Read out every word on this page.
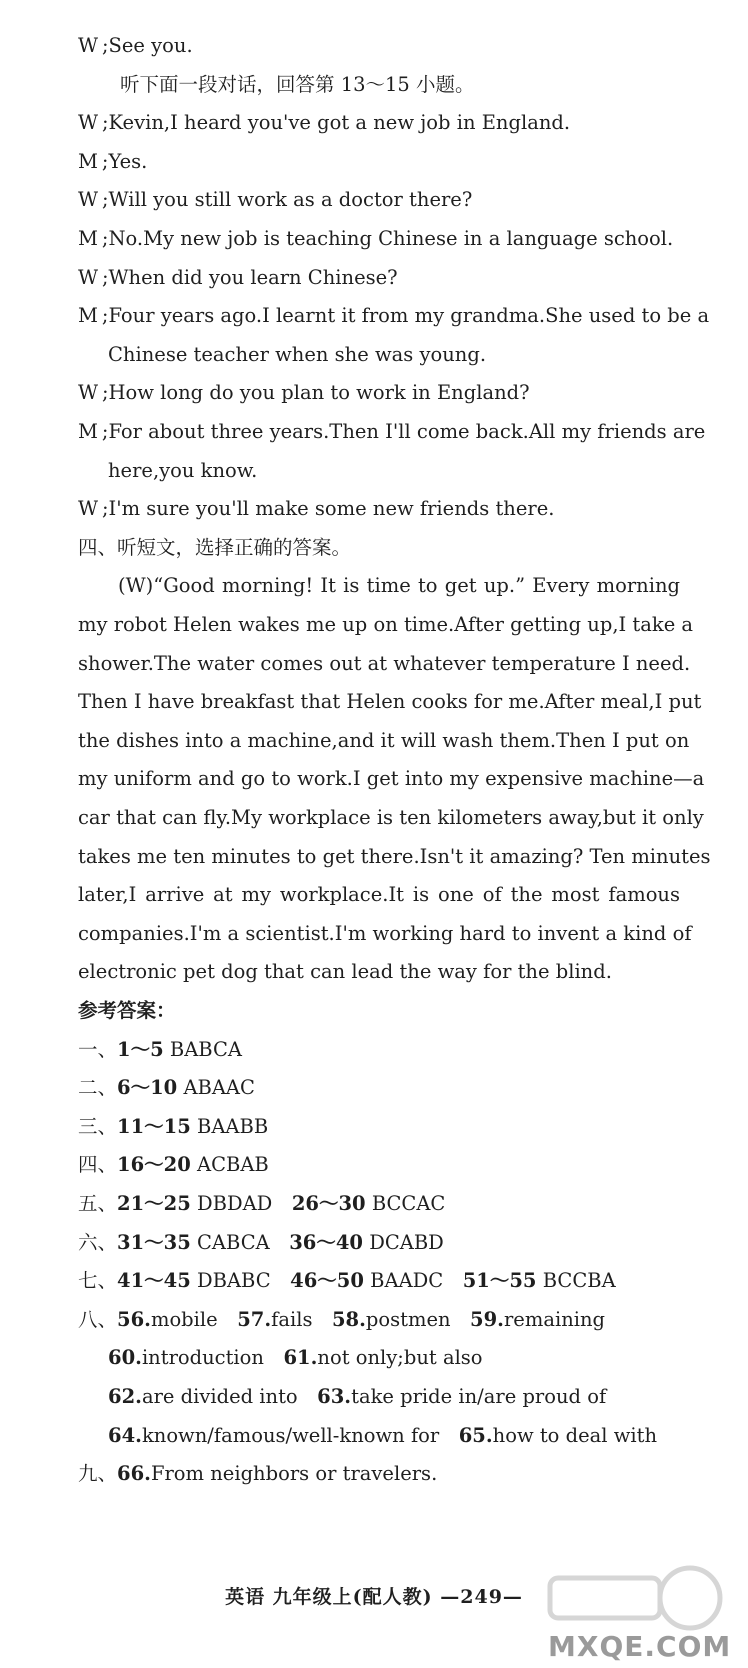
W ;See you.
听下面一段对话，回答第 13～15 小题。
W ;Kevin,I heard you've got a new job in England.
M ;Yes.
W ;Will you still work as a doctor there?
M ;No.My new job is teaching Chinese in a language school.
W ;When did you learn Chinese?
M ;Four years ago.I learnt it from my grandma.She used to be a
Chinese teacher when she was young.
W ;How long do you plan to work in England?
M ;For about three years.Then I'll come back.All my friends are
here,you know.
W ;I'm sure you'll make some new friends there.
四、听短文，选择正确的答案。
(W)“Good morning! It is time to get up.” Every morning
my robot Helen wakes me up on time.After getting up,I take a
shower.The water comes out at whatever temperature I need.
Then I have breakfast that Helen cooks for me.After meal,I put
the dishes into a machine,and it will wash them.Then I put on
my uniform and go to work.I get into my expensive machine—a
car that can fly.My workplace is ten kilometers away,but it only
takes me ten minutes to get there.Isn't it amazing? Ten minutes
later,I arrive at my workplace.It is one of the most famous
companies.I'm a scientist.I'm working hard to invent a kind of
electronic pet dog that can lead the way for the blind.
参考答案：
一、1～5 BABCA
二、6～10 ABAAC
三、11～15 BAABB
四、16～20 ACBAB
五、21～25 DBDAD  26～30 BCCAC
六、31～35 CABCA  36～40 DCABD
七、41～45 DBABC  46～50 BAADC  51～55 BCCBA
八、56.mobile  57.fails  58.postmen  59.remaining
60.introduction  61.not only;but also
62.are divided into  63.take pride in/are proud of
64.known/famous/well-known for  65.how to deal with
九、66.From neighbors or travelers.
英语 九年级上(配人教) —249—
MXQE.COM
